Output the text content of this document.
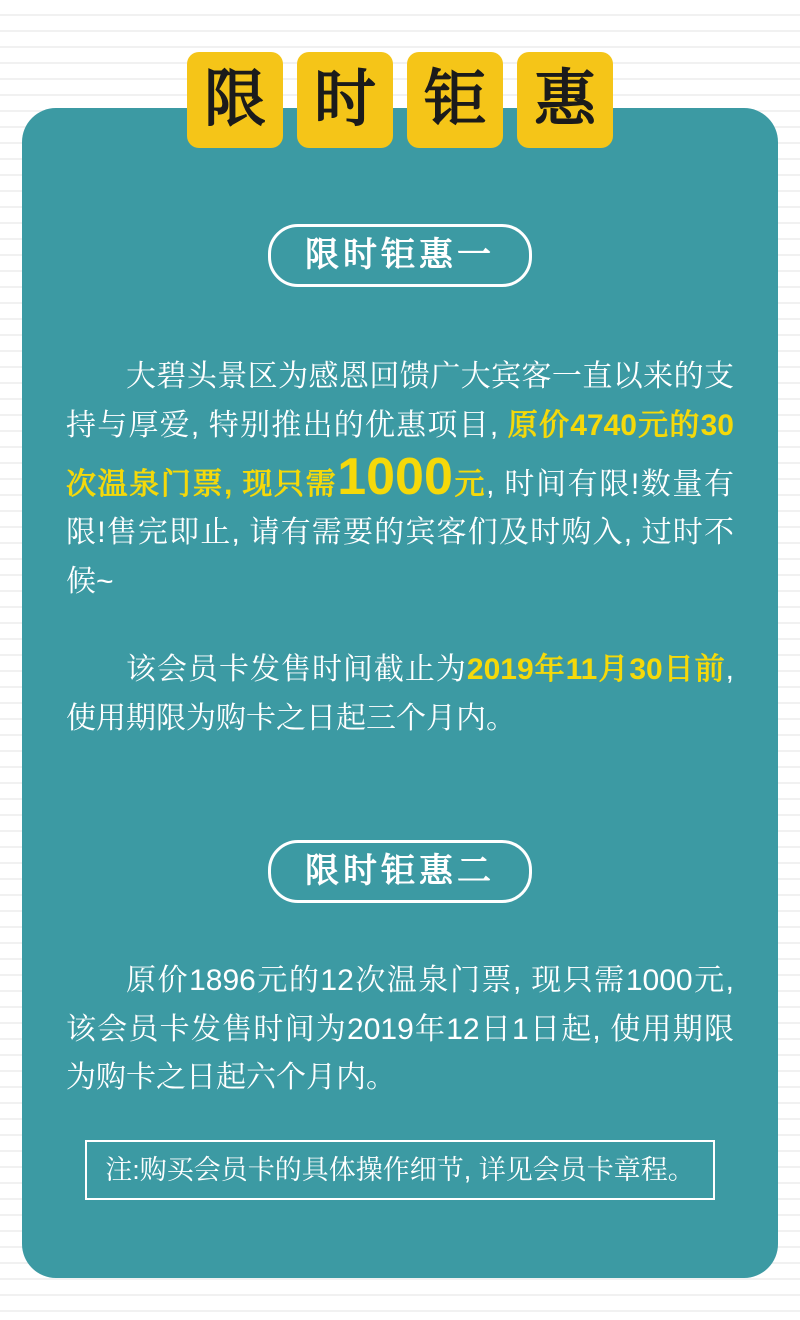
限时钜惠一

大碧头景区为感恩回馈广大宾客一直以来的支持与厚爱, 特别推出的优惠项目, 原价4740元的30次温泉门票, 现只需1000元, 时间有限!数量有限!售完即止, 请有需要的宾客们及时购入, 过时不候~

该会员卡发售时间截止为2019年11月30日前, 使用期限为购卡之日起三个月内。

限时钜惠二

原价1896元的12次温泉门票, 现只需1000元, 该会员卡发售时间为2019年12日1日起, 使用期限为购卡之日起六个月内。

注:购买会员卡的具体操作细节, 详见会员卡章程。
限 时 钜 惠
